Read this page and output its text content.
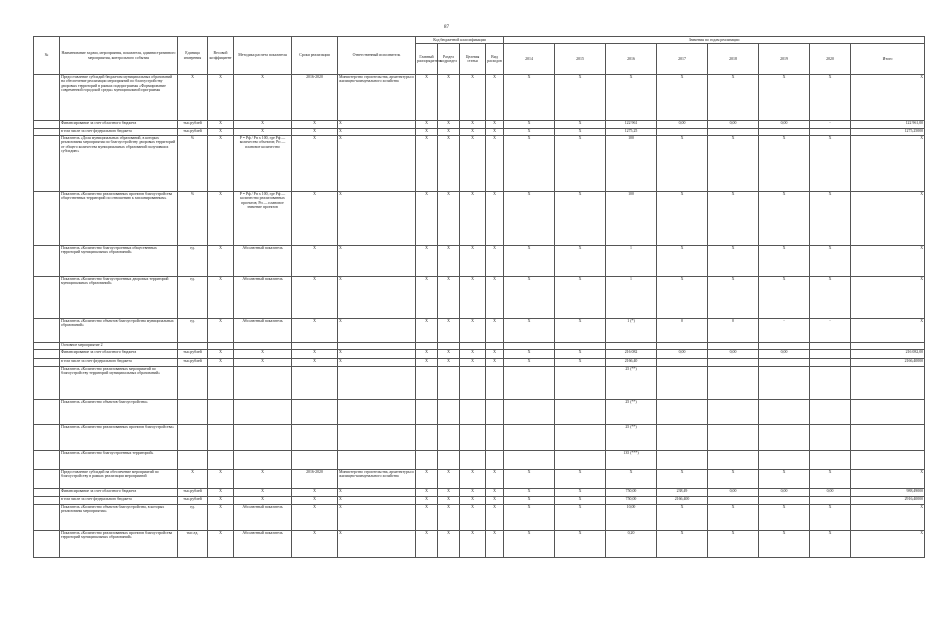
87
№	Наименование задачи, мероприятия, показателя, административного мероприятия, контрольного события	Единица измерения	Весовой коэффициент	Методика расчета показателя	Сроки реализации	Ответственный исполнитель	Код бюджетной классификации				Значения по годам реализации							
							Главный распорядитель	Раздел подраздел	Целевая статья	Вид расходов	2014	2015	2016	2017	2018	2019	2020	Итого
	Предоставление субсидий бюджетам муниципальных образований на обеспечение реализации мероприятий по благоустройству дворовых территорий в рамках подпрограммы «Формирование современной городской среды» муниципальной программы	Х	Х	Х	2016-2020	Министерство строительства, архитектуры и жилищно-коммунального хозяйства	Х	Х	Х	Х	Х	Х	Х	Х	Х	Х	Х	Х
	Финансирование за счет областного бюджета	тыс.рублей	Х	Х	Х	Х	Х	Х	Х	Х	Х	Х	122 961	0,00	0,00	0,00	-	122 961,00
	в том числе за счет федерального бюджета	тыс.рублей	Х	Х	Х	Х	Х	Х	Х	Х	Х	Х	1275,25					1275,25000
	Показатель «Доля муниципальных образований, в которых реализованы мероприятия по благоустройству дворовых территорий от общего количества муниципальных образований получивших субсидию»	%	Х	P = Pф / Pп х 100, где Pф — количество объектов; Pп — плановое количество	Х	Х	Х	Х	Х	Х	Х	Х	100	Х	Х	Х	Х	Х
	Показатель «Количество реализованных проектов благоустройства общественных территорий по отношению к запланированным»	%	Х	P = Pф / Pп х 100, где Pф — количество реализованных проектов; Pп — плановое значение проектов	Х	Х	Х	Х	Х	Х	Х	Х	100	Х	Х	Х	Х	Х
	Показатель «Количество благоустроенных общественных территорий муниципальных образований»	ед.	Х	Абсолютный показатель	Х	Х	Х	Х	Х	Х	Х	Х	1	Х	Х	Х	Х	Х
	Показатель «Количество благоустроенных дворовых территорий муниципальных образований»	ед.	Х	Абсолютный показатель	Х	Х	Х	Х	Х	Х	Х	Х	1	Х	Х	Х	Х	Х
	Показатель «Количество объектов благоустройства муниципальных образований»	ед.	Х	Абсолютный показатель	Х	Х	Х	Х	Х	Х	Х	Х	1 (*)	0	0	-	-	Х
	Основное мероприятие 2																	
	Финансирование за счет областного бюджета	тыс.рублей	Х	Х	Х	Х	Х	Х	Х	Х	Х	Х	216 082	0,00	0,00	0,00		216 082,00
	в том числе за счет федерального бюджета	тыс.рублей	Х	Х	Х	Х	Х	Х	Х	Х	Х	Х	2166,40					2166,40000
	Показатель «Количество реализованных мероприятий по благоустройству территорий муниципальных образований»												25 (**)					
	Показатель «Количество объектов благоустройства»												25 (**)					
	Показатель «Количество реализованных проектов благоустройства»												25 (**)					
	Показатель «Количество благоустроенных территорий»												135 (***)					
	Предоставление субсидий на обеспечение мероприятий по благоустройству в рамках реализации мероприятий	Х	Х	Х	2016-2020	Министерство строительства, архитектуры и жилищно-коммунального хозяйства	Х	Х	Х	Х	Х	Х	Х	Х	Х	Х	Х	Х
	Финансирование за счет областного бюджета	тыс.рублей	Х	Х	Х	Х	Х	Х	Х	Х	Х	Х	750,00	238,49	0,00	0,00	0,00	988,49000
	в том числе за счет федерального бюджета	тыс.рублей	Х	Х	Х	Х	Х	Х	Х	Х	Х	Х	750,00	2166,400				2916,40000
	Показатель «Количество объектов благоустройства, в которых реализованы мероприятия»	ед.	Х	Абсолютный показатель	Х	Х	Х	Х	Х	Х	Х	Х	10,00	Х	Х	Х	Х	Х
	Показатель «Количество реализованных проектов благоустройства территорий муниципальных образований»	тыс.ед.	Х	Абсолютный показатель	Х	Х	Х	Х	Х	Х	Х	Х	0,20	Х	Х	Х	Х	Х
